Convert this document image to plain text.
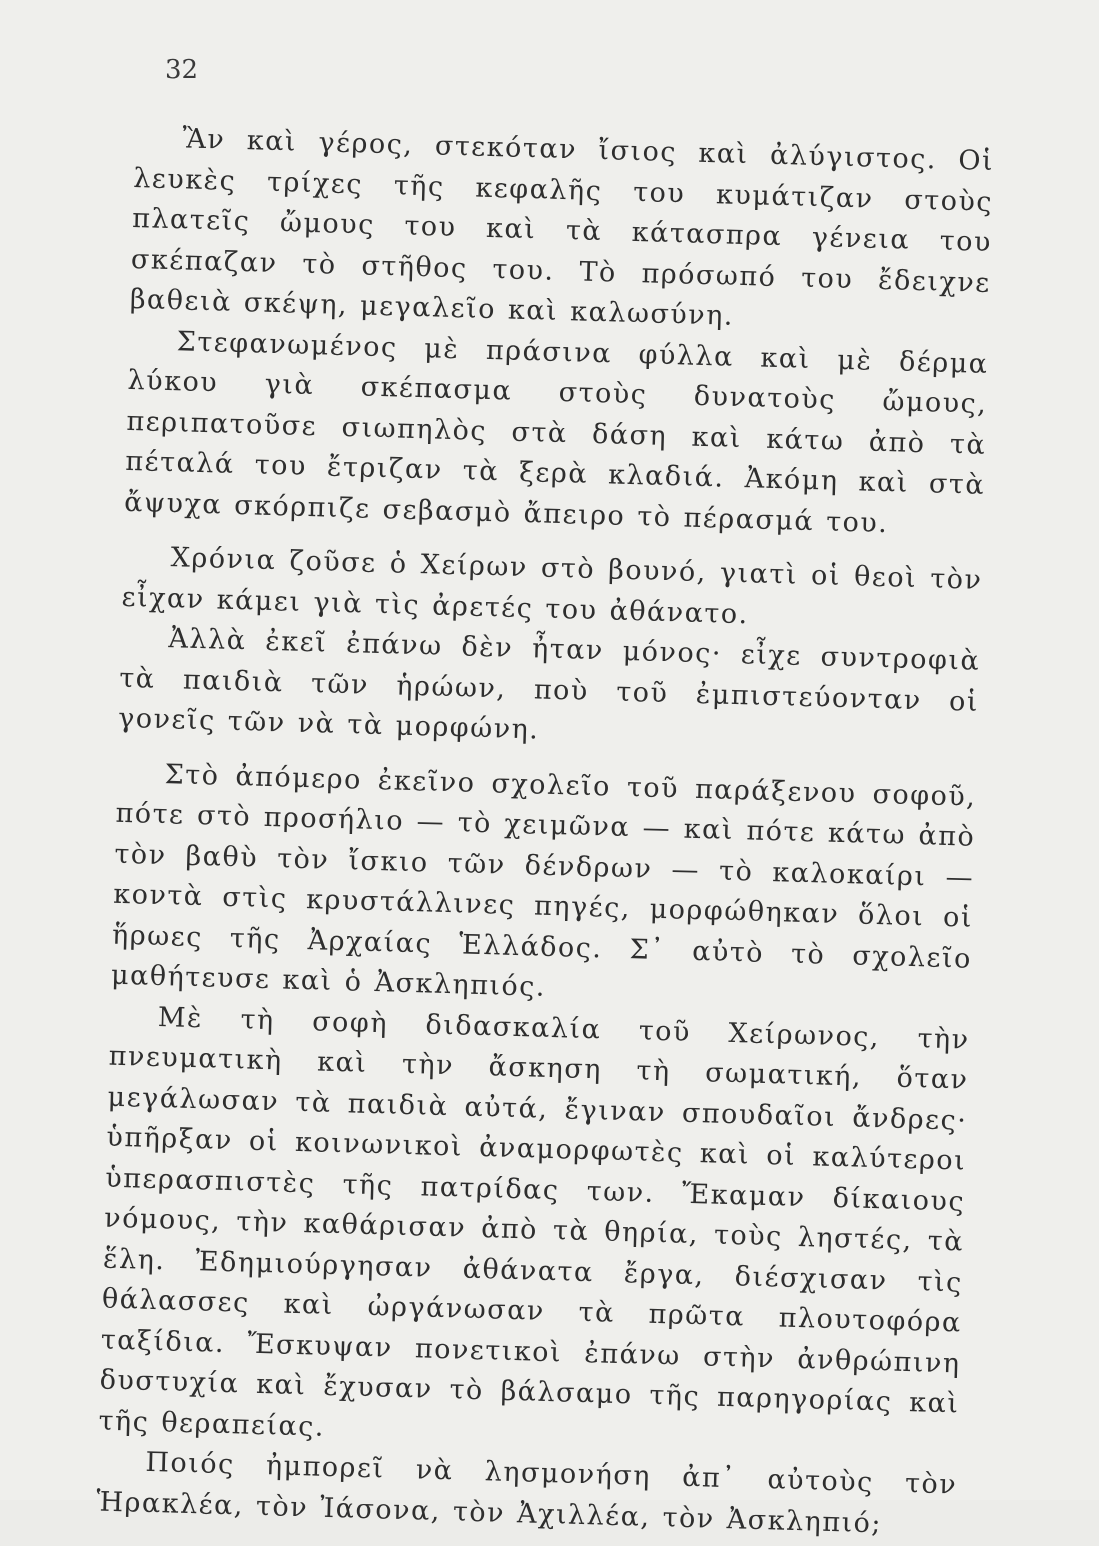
32

Ἂν καὶ γέρος, στεκόταν ἴσιος καὶ ἀλύγιστος. Οἱ λευκὲς τρίχες τῆς κεφαλῆς του κυμάτιζαν στοὺς πλατεῖς ὤμους του καὶ τὰ κάτασπρα γένεια του σκέπαζαν τὸ στῆθος του. Τὸ πρόσωπό του ἔδειχνε βαθειὰ σκέψη, μεγαλεῖο καὶ καλωσύνη.

Στεφανωμένος μὲ πράσινα φύλλα καὶ μὲ δέρμα λύκου γιὰ σκέπασμα στοὺς δυνατοὺς ὤμους, περιπατοῦσε σιωπηλὸς στὰ δάση καὶ κάτω ἀπὸ τὰ πέταλά του ἔτριζαν τὰ ξερὰ κλαδιά. Ἀκόμη καὶ στὰ ἄψυχα σκόρπιζε σεβασμὸ ἄπειρο τὸ πέρασμά του.

Χρόνια ζοῦσε ὁ Χείρων στὸ βουνό, γιατὶ οἱ θεοὶ τὸν εἶχαν κάμει γιὰ τὶς ἀρετές του ἀθάνατο.

Ἀλλὰ ἐκεῖ ἐπάνω δὲν ἦταν μόνος· εἶχε συντροφιὰ τὰ παιδιὰ τῶν ἡρώων, ποὺ τοῦ ἐμπιστεύονταν οἱ γονεῖς τῶν νὰ τὰ μορφώνη.

Στὸ ἀπόμερο ἐκεῖνο σχολεῖο τοῦ παράξενου σοφοῦ, πότε στὸ προσήλιο — τὸ χειμῶνα — καὶ πότε κάτω ἀπὸ τὸν βαθὺ τὸν ἴσκιο τῶν δένδρων — τὸ καλοκαίρι — κοντὰ στὶς κρυστάλλινες πηγές, μορφώθηκαν ὅλοι οἱ ἥρωες τῆς Ἀρχαίας Ἑλλάδος. Σ᾽ αὐτὸ τὸ σχολεῖο μαθήτευσε καὶ ὁ Ἀσκληπιός.

Μὲ τὴ σοφὴ διδασκαλία τοῦ Χείρωνος, τὴν πνευματικὴ καὶ τὴν ἄσκηση τὴ σωματική, ὅταν μεγάλωσαν τὰ παιδιὰ αὐτά, ἔγιναν σπουδαῖοι ἄνδρες· ὑπῆρξαν οἱ κοινωνικοὶ ἀναμορφωτὲς καὶ οἱ καλύτεροι ὑπερασπιστὲς τῆς πατρίδας των. Ἔκαμαν δίκαιους νόμους, τὴν καθάρισαν ἀπὸ τὰ θηρία, τοὺς ληστές, τὰ ἕλη. Ἐδημιούργησαν ἀθάνατα ἔργα, διέσχισαν τὶς θάλασσες καὶ ὠργάνωσαν τὰ πρῶτα πλουτοφόρα ταξίδια. Ἔσκυψαν πονετικοὶ ἐπάνω στὴν ἀνθρώπινη δυστυχία καὶ ἔχυσαν τὸ βάλσαμο τῆς παρηγορίας καὶ τῆς θεραπείας.

Ποιός ἠμπορεῖ νὰ λησμονήση ἀπ᾽ αὐτοὺς τὸν Ἡρακλέα, τὸν Ἰάσονα, τὸν Ἀχιλλέα, τὸν Ἀσκληπιό;
